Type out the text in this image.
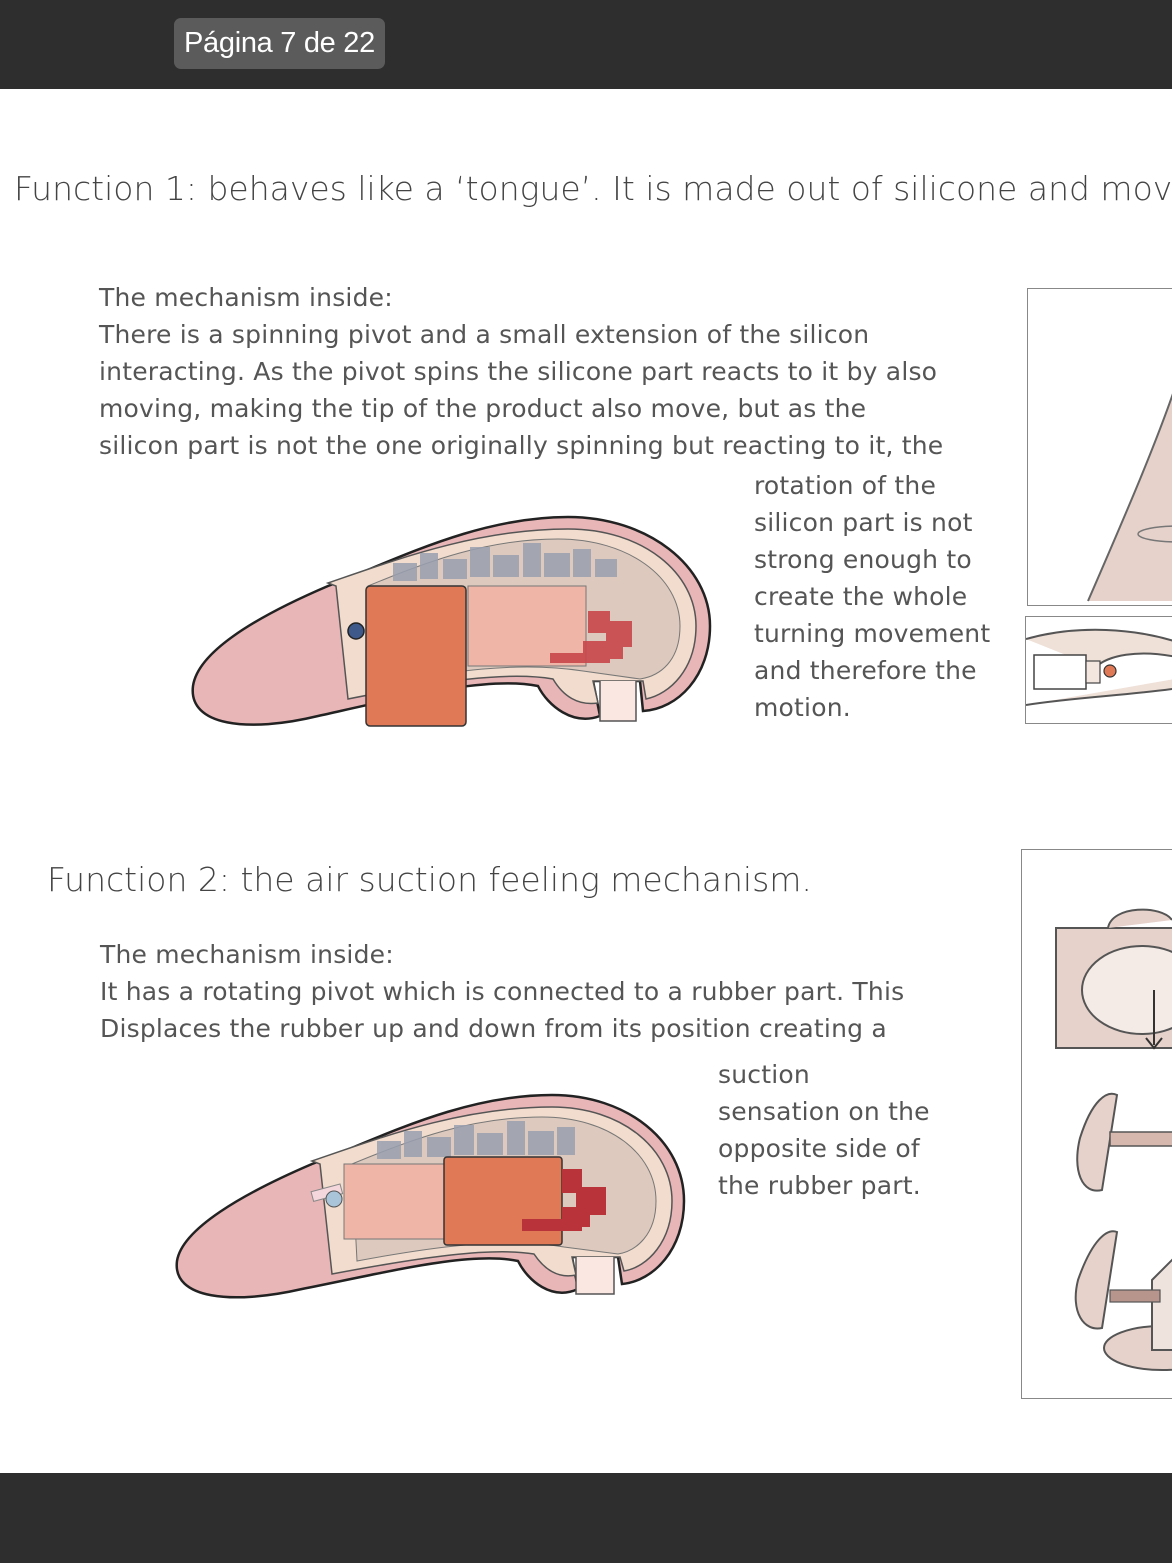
Página 7 de 22
Function 1: behaves like a ‘tongue’. It is made out of silicone and mov
The mechanism inside:
There is a spinning pivot and a small extension of the silicon
interacting. As the pivot spins the silicone part reacts to it by also
moving, making the tip of the product also move, but as the
silicon part is not the one originally spinning but reacting to it, the
rotation of the
silicon part is not
strong enough to
create the whole
turning movement
and therefore the
motion.
Function 2: the air suction feeling mechanism.
The mechanism inside:
It has a rotating pivot which is connected to a rubber part. This
Displaces the rubber up and down from its position creating a
suction
sensation on the
opposite side of
the rubber part.
